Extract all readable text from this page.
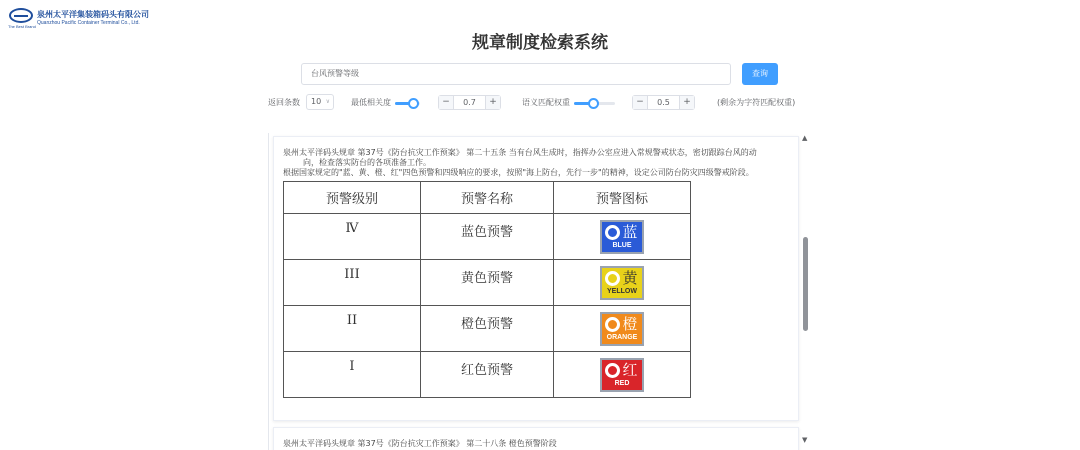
The Best Brand
泉州太平洋集装箱码头有限公司
Quanzhou Pacific Container Terminal Co., Ltd.
规章制度检索系统
台风预警等级	查询
返回条数	10 ∨	最低相关度	−	0.7	+	语义匹配权重	−	0.5	+	(剩余为字符匹配权重)
泉州太平洋码头规章 第37号《防台抗灾工作预案》 第二十五条 当有台风生成时，指挥办公室应进入常规警戒状态，密切跟踪台风的动
向，检查落实防台的各项准备工作。
根据国家规定的"蓝、黄、橙、红"四色预警和四级响应的要求，按照"海上防台，先行一步"的精神，设定公司防台防灾四级警戒阶段。
预警级别	预警名称	预警图标
Ⅳ	蓝色预警	蓝
BLUE

III	黄色预警	黄
YELLOW

II	橙色预警	橙
ORANGE

I	红色预警	红
RED
泉州太平洋码头规章 第37号《防台抗灾工作预案》 第二十八条 橙色预警阶段
▲
▼
